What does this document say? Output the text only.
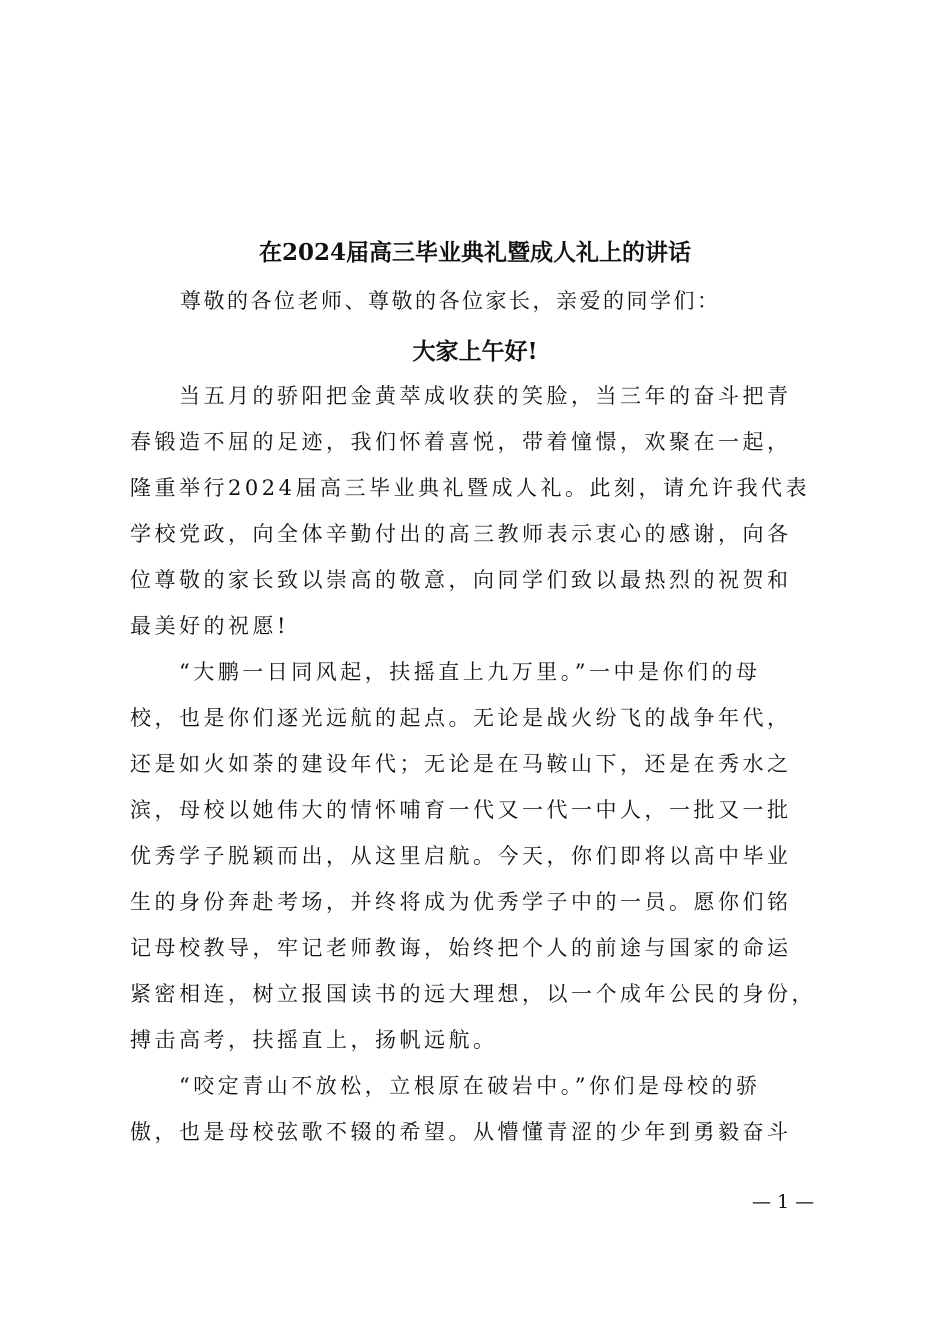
在2024届高三毕业典礼暨成人礼上的讲话
尊敬的各位老师、尊敬的各位家长，亲爱的同学们：
大家上午好!
　　当五月的骄阳把金黄萃成收获的笑脸，当三年的奋斗把青
春锻造不屈的足迹，我们怀着喜悦，带着憧憬，欢聚在一起，
隆重举行2024届高三毕业典礼暨成人礼。此刻，请允许我代表
学校党政，向全体辛勤付出的高三教师表示衷心的感谢，向各
位尊敬的家长致以崇高的敬意，向同学们致以最热烈的祝贺和
最美好的祝愿!
　　“大鹏一日同风起，扶摇直上九万里。”一中是你们的母
校，也是你们逐光远航的起点。无论是战火纷飞的战争年代，
还是如火如荼的建设年代；无论是在马鞍山下，还是在秀水之
滨，母校以她伟大的情怀哺育一代又一代一中人，一批又一批
优秀学子脱颖而出，从这里启航。今天，你们即将以高中毕业
生的身份奔赴考场，并终将成为优秀学子中的一员。愿你们铭
记母校教导，牢记老师教诲，始终把个人的前途与国家的命运
紧密相连，树立报国读书的远大理想，以一个成年公民的身份，
搏击高考，扶摇直上，扬帆远航。
　　“咬定青山不放松，立根原在破岩中。”你们是母校的骄
傲，也是母校弦歌不辍的希望。从懵懂青涩的少年到勇毅奋斗
— 1 —
